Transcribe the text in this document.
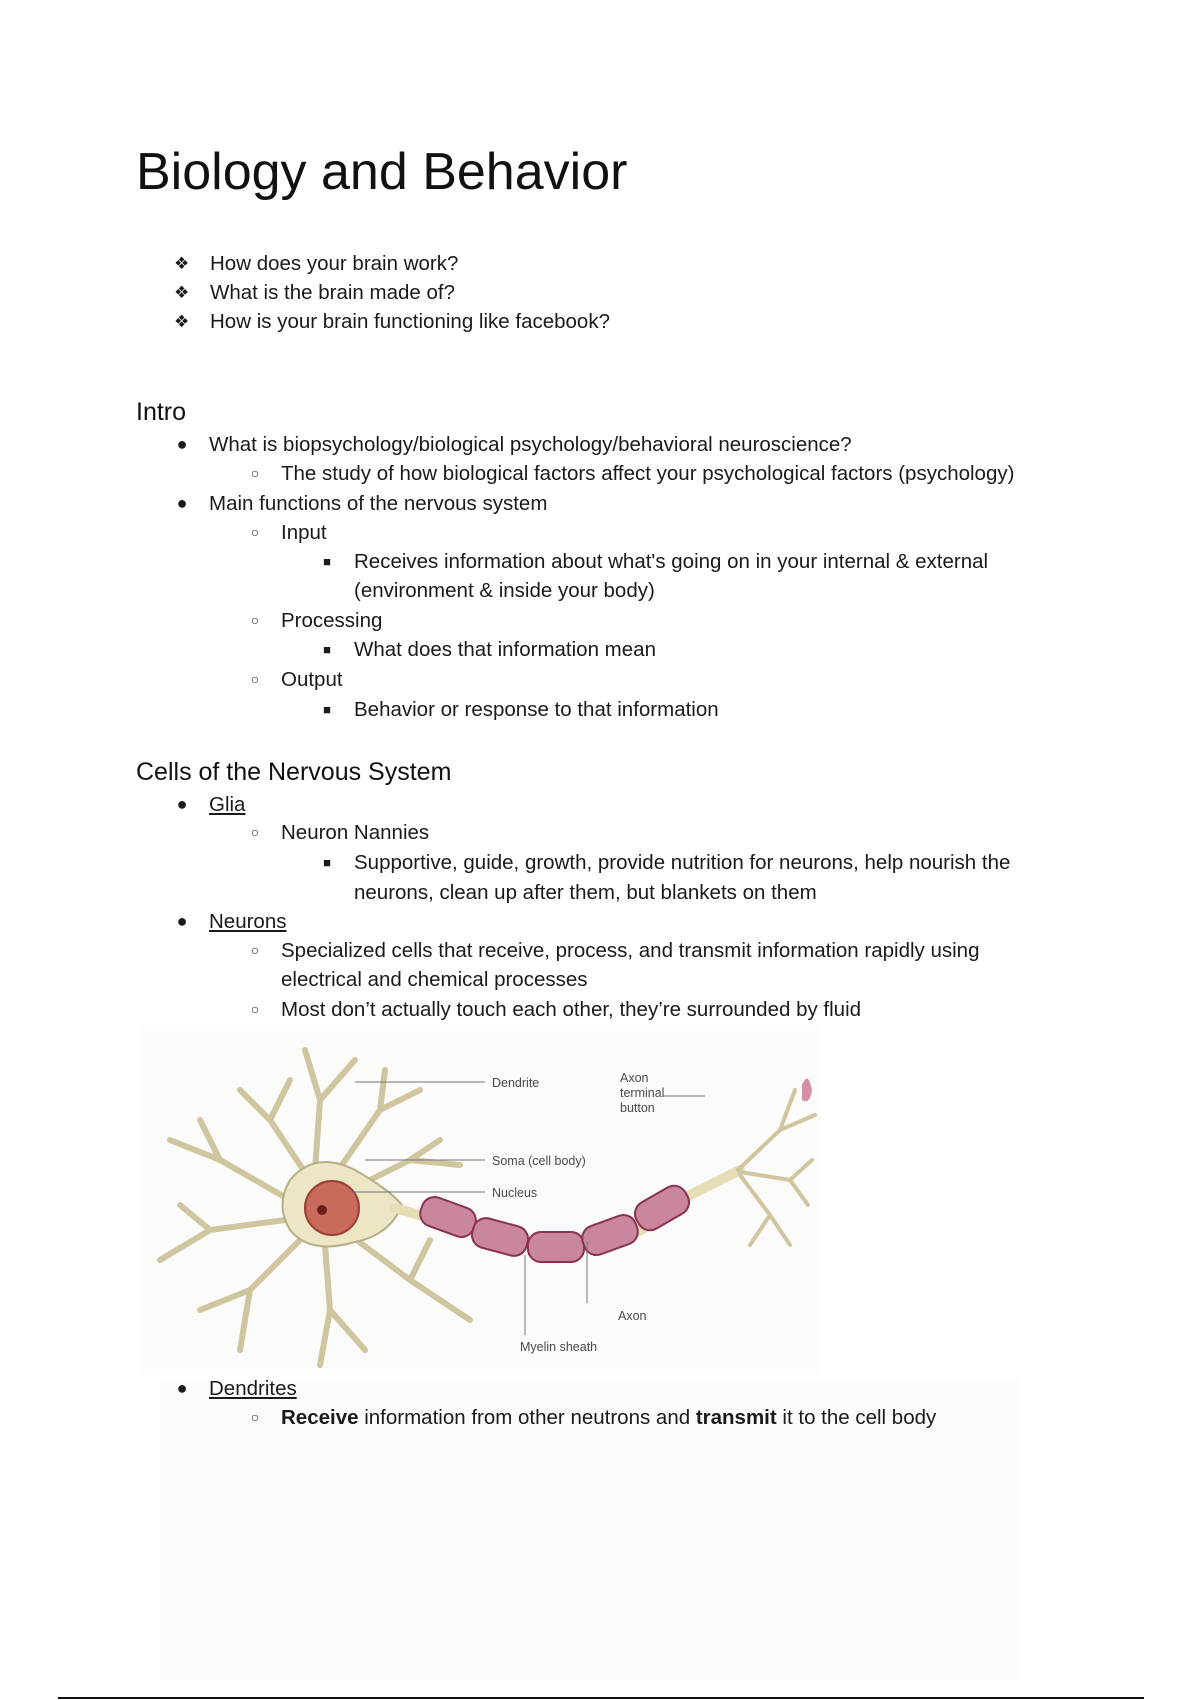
Biology and Behavior
❖ How does your brain work?
❖ What is the brain made of?
❖ How is your brain functioning like facebook?
Intro
● What is biopsychology/biological psychology/behavioral neuroscience?
○ The study of how biological factors affect your psychological factors (psychology)
● Main functions of the nervous system
○ Input
■ Receives information about what's going on in your internal & external
(environment & inside your body)
○ Processing
■ What does that information mean
○ Output
■ Behavior or response to that information
Cells of the Nervous System
● Glia
○ Neuron Nannies
■ Supportive, guide, growth, provide nutrition for neurons, help nourish the
neurons, clean up after them, but blankets on them
● Neurons
○ Specialized cells that receive, process, and transmit information rapidly using
electrical and chemical processes
○ Most don’t actually touch each other, they’re surrounded by fluid
Dendrite	Axon
terminal
button
Soma (cell body)
Nucleus
Axon
Myelin sheath
● Dendrites
○ Receive information from other neutrons and transmit it to the cell body
